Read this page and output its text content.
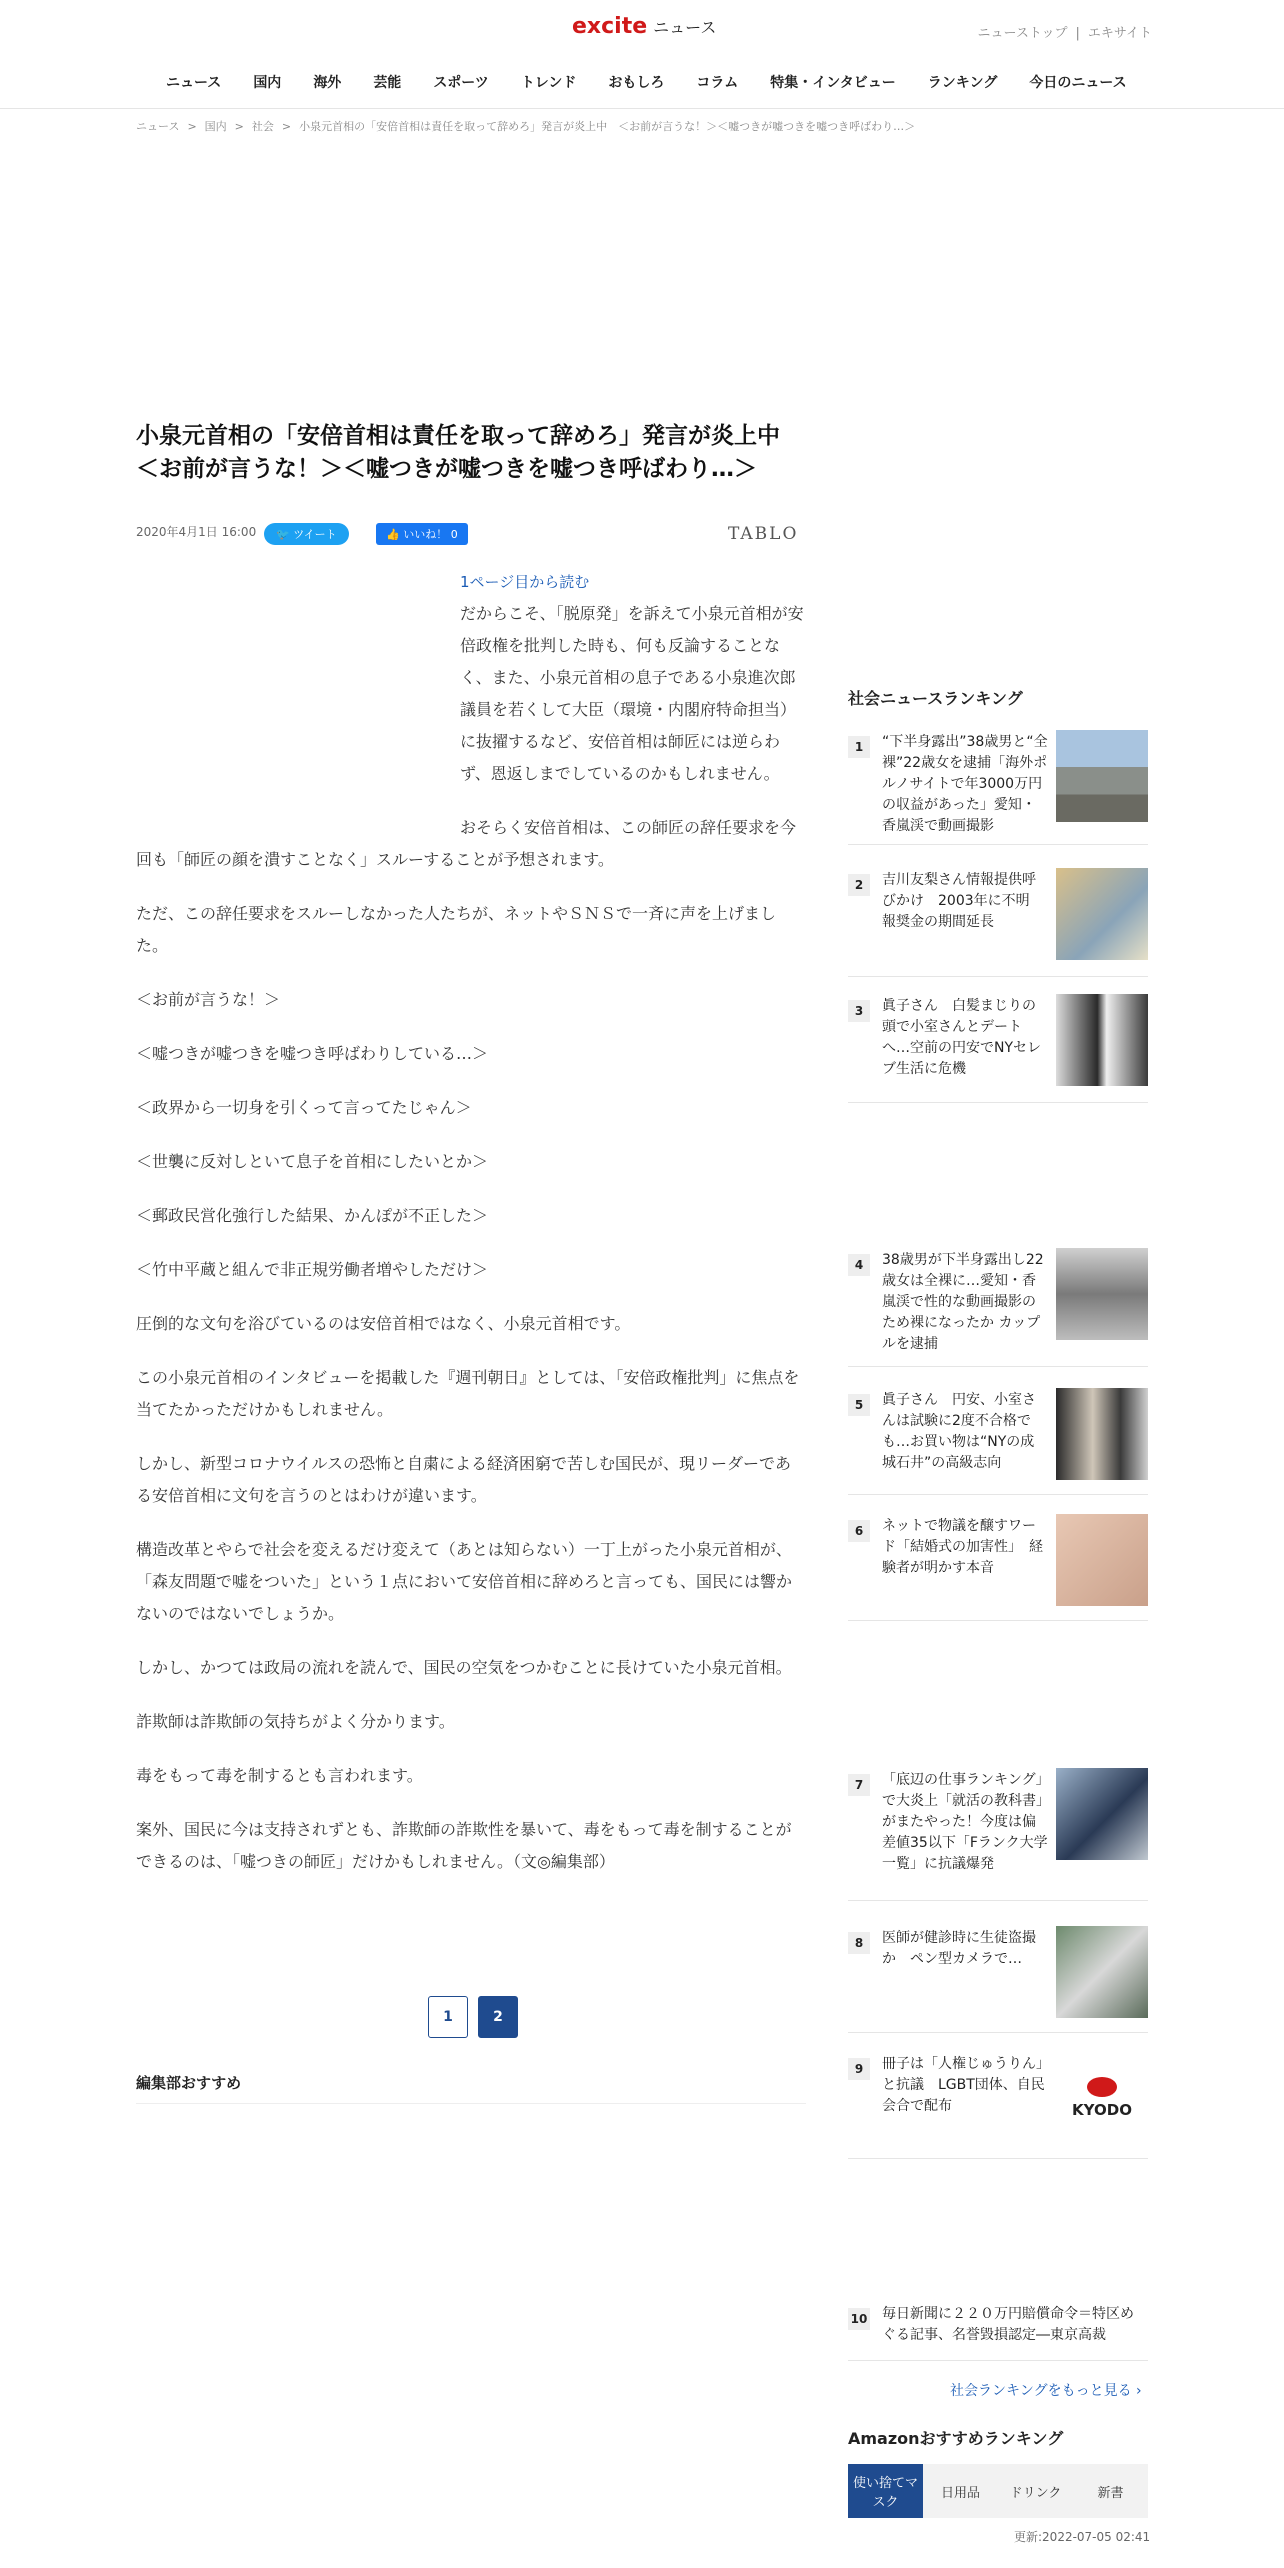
excite ニュース	ニューストップ | エキサイト
ニュース	国内	海外	芸能	スポーツ	トレンド	おもしろ	コラム	特集・インタビュー	ランキング	今日のニュース
ニュース > 国内 > 社会 > 小泉元首相の「安倍首相は責任を取って辞めろ」発言が炎上中　＜お前が言うな！＞＜嘘つきが嘘つきを嘘つき呼ばわり…＞
小泉元首相の「安倍首相は責任を取って辞めろ」発言が炎上中　＜お前が言うな！＞＜嘘つきが嘘つきを嘘つき呼ばわり…＞
2020年4月1日 16:00	🐦 ツイート	👍 いいね！ 0	TABLO
1ページ目から読む

だからこそ、「脱原発」を訴えて小泉元首相が安倍政権を批判した時も、何も反論することなく、また、小泉元首相の息子である小泉進次郎議員を若くして大臣（環境・内閣府特命担当）に抜擢するなど、安倍首相は師匠には逆らわず、恩返しまでしているのかもしれません。

おそらく安倍首相は、この師匠の辞任要求を今回も「師匠の顔を潰すことなく」スルーすることが予想されます。

ただ、この辞任要求をスルーしなかった人たちが、ネットやＳＮＳで一斉に声を上げました。

＜お前が言うな！＞

＜嘘つきが嘘つきを嘘つき呼ばわりしている…＞

＜政界から一切身を引くって言ってたじゃん＞

＜世襲に反対しといて息子を首相にしたいとか＞

＜郵政民営化強行した結果、かんぽが不正した＞

＜竹中平蔵と組んで非正規労働者増やしただけ＞

圧倒的な文句を浴びているのは安倍首相ではなく、小泉元首相です。

この小泉元首相のインタビューを掲載した『週刊朝日』としては、「安倍政権批判」に焦点を当てたかっただけかもしれません。

しかし、新型コロナウイルスの恐怖と自粛による経済困窮で苦しむ国民が、現リーダーである安倍首相に文句を言うのとはわけが違います。

構造改革とやらで社会を変えるだけ変えて（あとは知らない）一丁上がった小泉元首相が、「森友問題で嘘をついた」という１点において安倍首相に辞めろと言っても、国民には響かないのではないでしょうか。

しかし、かつては政局の流れを読んで、国民の空気をつかむことに長けていた小泉元首相。

詐欺師は詐欺師の気持ちがよく分かります。

毒をもって毒を制するとも言われます。

案外、国民に今は支持されずとも、詐欺師の詐欺性を暴いて、毒をもって毒を制することができるのは、「嘘つきの師匠」だけかもしれません。（文◎編集部）

1	2
編集部おすすめ
社会ニュースランキング
1	“下半身露出”38歳男と“全裸”22歳女を逮捕「海外ポルノサイトで年3000万円の収益があった」愛知・香嵐渓で動画撮影
2	吉川友梨さん情報提供呼びかけ　2003年に不明　報奨金の期間延長
3	眞子さん　白髪まじりの頭で小室さんとデートへ…空前の円安でNYセレブ生活に危機
4	38歳男が下半身露出し22歳女は全裸に…愛知・香嵐渓で性的な動画撮影のため裸になったか カップルを逮捕
5	眞子さん　円安、小室さんは試験に2度不合格でも…お買い物は“NYの成城石井”の高級志向
6	ネットで物議を醸すワード「結婚式の加害性」　経験者が明かす本音
7	「底辺の仕事ランキング」で大炎上「就活の教科書」がまたやった！今度は偏差値35以下「Fランク大学一覧」に抗議爆発
8	医師が健診時に生徒盗撮か　ペン型カメラで…
9	冊子は「人権じゅうりん」と抗議　LGBT団体、自民会合で配布	KYODO
10 毎日新聞に２２０万円賠償命令＝特区めぐる記事、名誉毀損認定―東京高裁
社会ランキングをもっと見る ›
Amazonおすすめランキング
使い捨てマスク
日用品	ドリンク	新書
更新:2022-07-05 02:41
